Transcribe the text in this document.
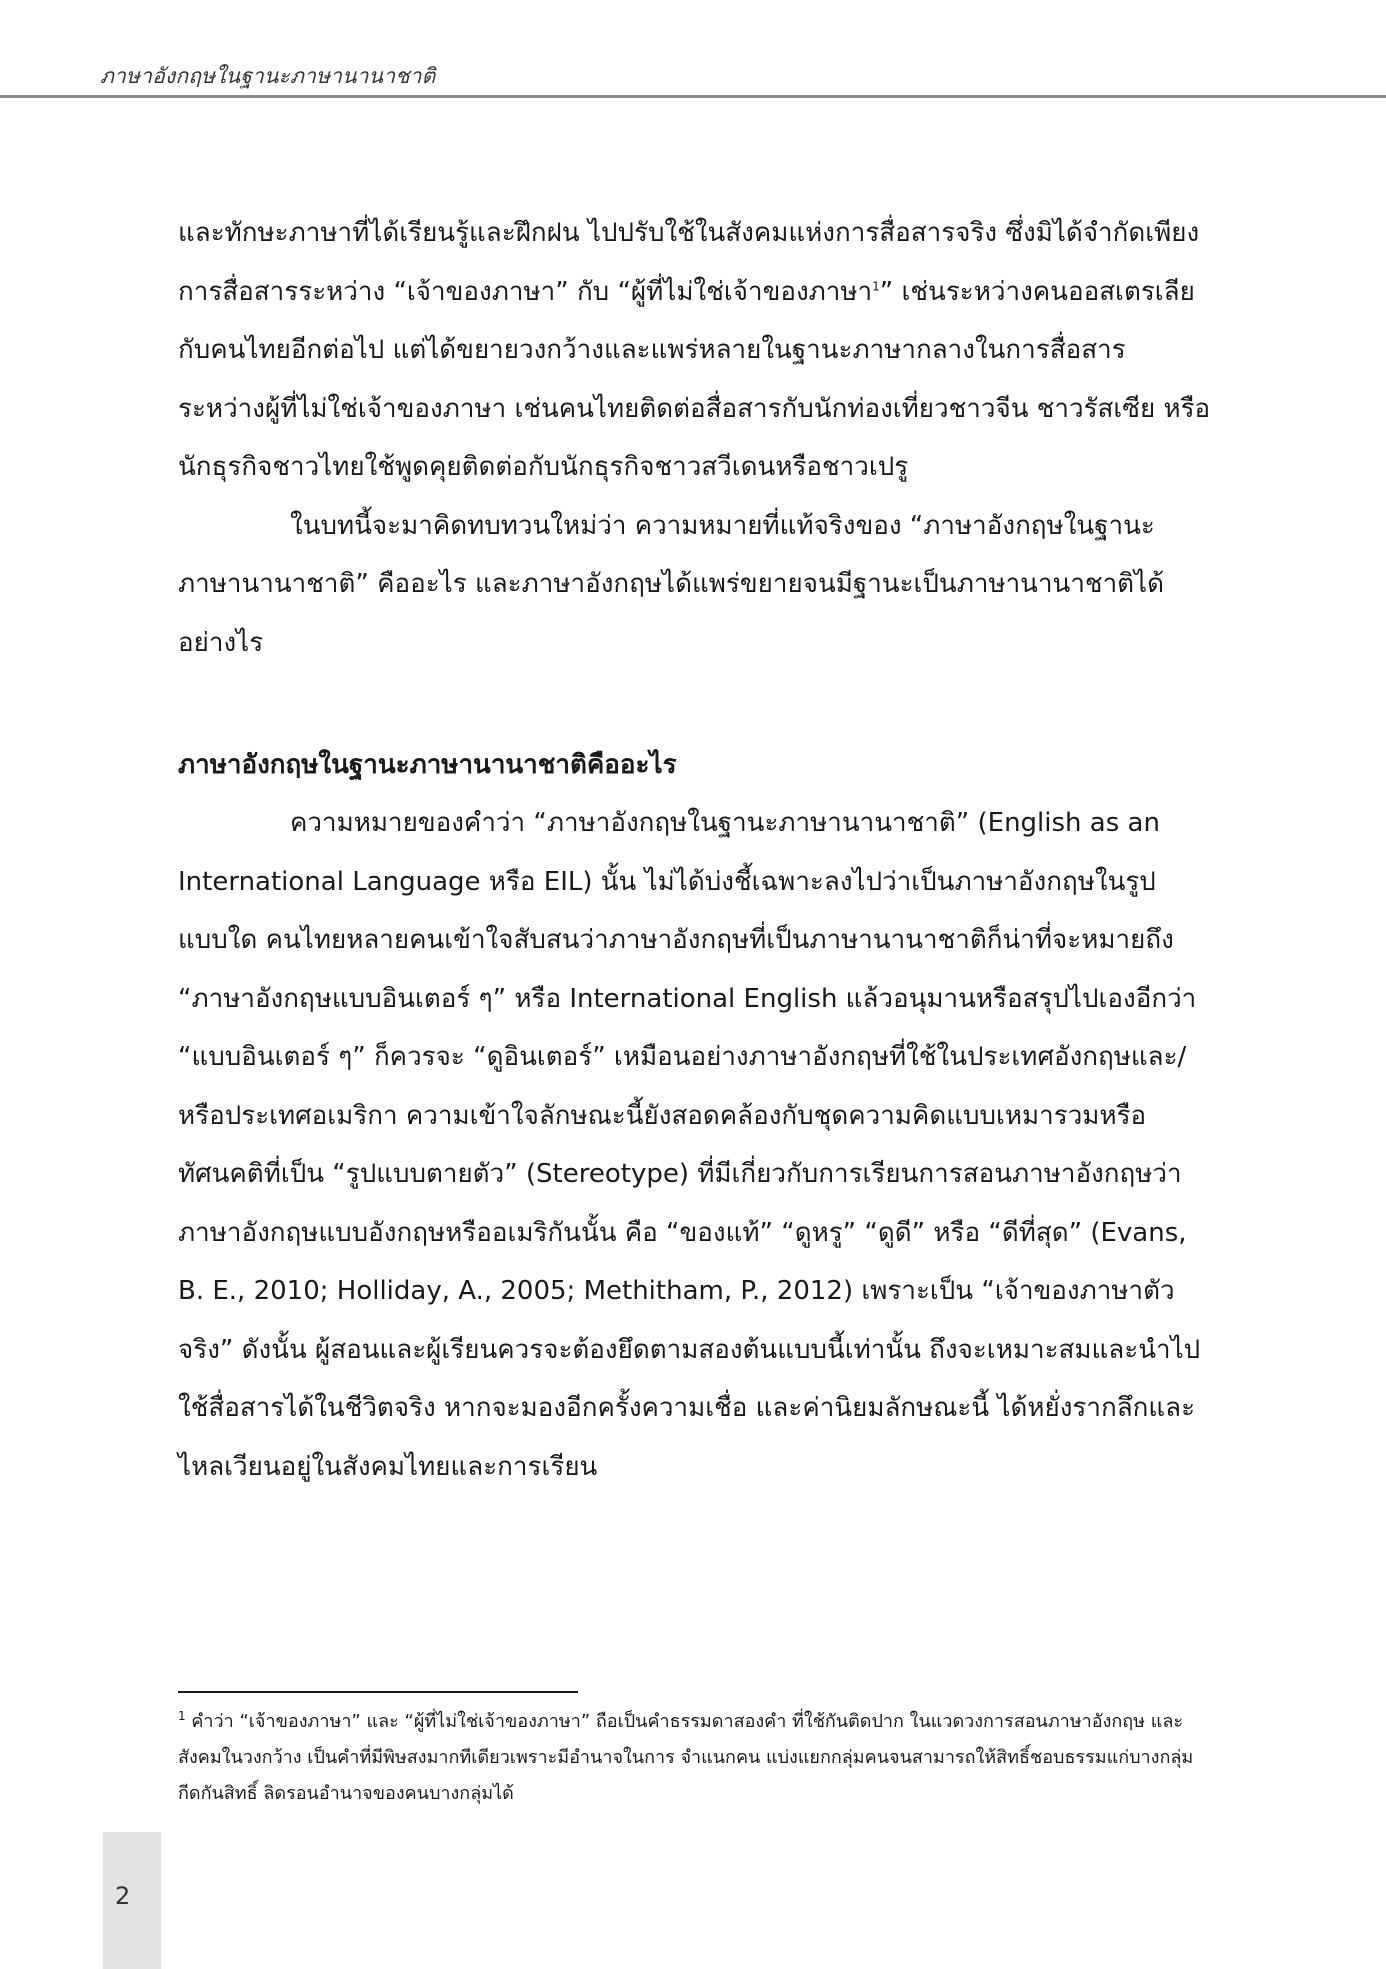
ภาษาอังกฤษในฐานะภาษานานาชาติ

และทักษะภาษาที่ได้เรียนรู้และฝึกฝน ไปปรับใช้ในสังคมแห่งการสื่อสารจริง ซึ่งมิได้จำกัดเพียงการสื่อสารระหว่าง “เจ้าของภาษา” กับ “ผู้ที่ไม่ใช่เจ้าของภาษา$^1$” เช่นระหว่างคนออสเตรเลีย กับคนไทยอีกต่อไป แต่ได้ขยายวงกว้างและแพร่หลายในฐานะภาษากลางในการสื่อสารระหว่างผู้ที่ไม่ใช่เจ้าของภาษา เช่นคนไทยติดต่อสื่อสารกับนักท่องเที่ยวชาวจีน ชาวรัสเซีย หรือนักธุรกิจชาวไทยใช้พูดคุยติดต่อกับนักธุรกิจชาวสวีเดนหรือชาวเปรู

ในบทนี้จะมาคิดทบทวนใหม่ว่า ความหมายที่แท้จริงของ “ภาษาอังกฤษในฐานะภาษานานาชาติ” คืออะไร และภาษาอังกฤษได้แพร่ขยายจนมีฐานะเป็นภาษานานาชาติได้อย่างไร

ภาษาอังกฤษในฐานะภาษานานาชาติคืออะไร

ความหมายของคำว่า “ภาษาอังกฤษในฐานะภาษานานาชาติ” (English as an International Language หรือ EIL) นั้น ไม่ได้บ่งชี้เฉพาะลงไปว่าเป็นภาษาอังกฤษในรูป แบบใด คนไทยหลายคนเข้าใจสับสนว่าภาษาอังกฤษที่เป็นภาษานานาชาติก็น่าที่จะหมายถึง “ภาษาอังกฤษแบบอินเตอร์ ๆ” หรือ International English แล้วอนุมานหรือสรุปไปเองอีกว่า “แบบอินเตอร์ ๆ” ก็ควรจะ “ดูอินเตอร์” เหมือนอย่างภาษาอังกฤษที่ใช้ในประเทศอังกฤษและ/ หรือประเทศอเมริกา ความเข้าใจลักษณะนี้ยังสอดคล้องกับชุดความคิดแบบเหมารวมหรือทัศนคติที่เป็น “รูปแบบตายตัว” (Stereotype) ที่มีเกี่ยวกับการเรียนการสอนภาษาอังกฤษว่า ภาษาอังกฤษแบบอังกฤษหรืออเมริกันนั้น คือ “ของแท้” “ดูหรู” “ดูดี” หรือ “ดีที่สุด” (Evans, B. E., 2010; Holliday, A., 2005; Methitham, P., 2012) เพราะเป็น “เจ้าของภาษาตัวจริง” ดังนั้น ผู้สอนและผู้เรียนควรจะต้องยึดตามสองต้นแบบนี้เท่านั้น ถึงจะเหมาะสมและนำไปใช้สื่อสารได้ในชีวิตจริง หากจะมองอีกครั้งความเชื่อ และค่านิยมลักษณะนี้ ได้หยั่งรากลึกและไหลเวียนอยู่ในสังคมไทยและการเรียน

$^1$ คำว่า “เจ้าของภาษา” และ “ผู้ที่ไม่ใช่เจ้าของภาษา” ถือเป็นคำธรรมดาสองคำ ที่ใช้กันติดปาก ในแวดวงการสอนภาษาอังกฤษ และสังคมในวงกว้าง เป็นคำที่มีพิษสงมากทีเดียวเพราะมีอำนาจในการ จำแนกคน แบ่งแยกกลุ่มคนจนสามารถให้สิทธิ์ชอบธรรมแก่บางกลุ่ม กีดกันสิทธิ์ ลิดรอนอำนาจของคนบางกลุ่มได้

2
